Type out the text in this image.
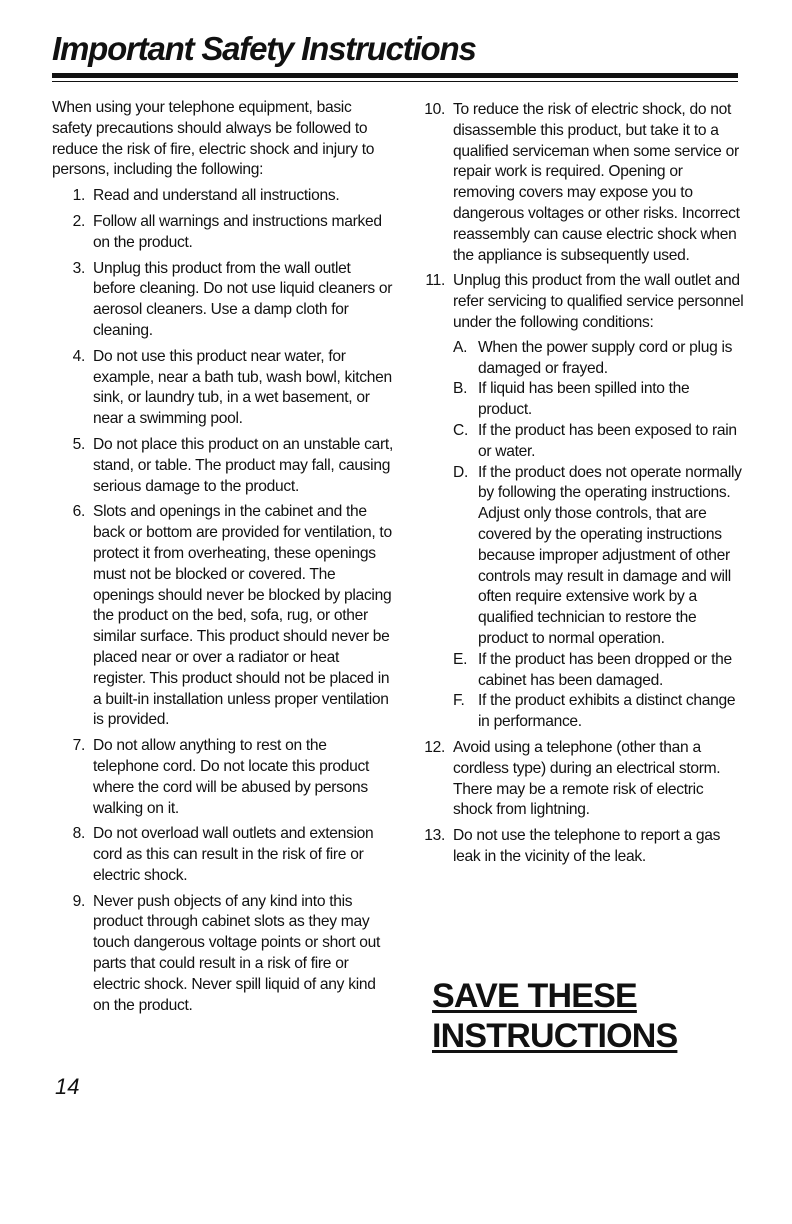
Important Safety Instructions

When using your telephone equipment, basic safety precautions should always be followed to reduce the risk of fire, electric shock and injury to persons, including the following:

1. Read and understand all instructions.
2. Follow all warnings and instructions marked on the product.
3. Unplug this product from the wall outlet before cleaning. Do not use liquid cleaners or aerosol cleaners. Use a damp cloth for cleaning.
4. Do not use this product near water, for example, near a bath tub, wash bowl, kitchen sink, or laundry tub, in a wet basement, or near a swimming pool.
5. Do not place this product on an unstable cart, stand, or table. The product may fall, causing serious damage to the product.
6. Slots and openings in the cabinet and the back or bottom are provided for ventilation, to protect it from overheating, these openings must not be blocked or covered. The openings should never be blocked by placing the product on the bed, sofa, rug, or other similar surface. This product should never be placed near or over a radiator or heat register. This product should not be placed in a built-in installation unless proper ventilation is provided.
7. Do not allow anything to rest on the telephone cord. Do not locate this product where the cord will be abused by persons walking on it.
8. Do not overload wall outlets and extension cord as this can result in the risk of fire or electric shock.
9. Never push objects of any kind into this product through cabinet slots as they may touch dangerous voltage points or short out parts that could result in a risk of fire or electric shock. Never spill liquid of any kind on the product.
10. To reduce the risk of electric shock, do not disassemble this product, but take it to a qualified serviceman when some service or repair work is required. Opening or removing covers may expose you to dangerous voltages or other risks. Incorrect reassembly can cause electric shock when the appliance is subsequently used.
11. Unplug this product from the wall outlet and refer servicing to qualified service personnel under the following conditions:
A. When the power supply cord or plug is damaged or frayed.
B. If liquid has been spilled into the product.
C. If the product has been exposed to rain or water.
D. If the product does not operate normally by following the operating instructions. Adjust only those controls, that are covered by the operating instructions because improper adjustment of other controls may result in damage and will often require extensive work by a qualified technician to restore the product to normal operation.
E. If the product has been dropped or the cabinet has been damaged.
F. If the product exhibits a distinct change in performance.
12. Avoid using a telephone (other than a cordless type) during an electrical storm. There may be a remote risk of electric shock from lightning.
13. Do not use the telephone to report a gas leak in the vicinity of the leak.
SAVE THESE
INSTRUCTIONS
14
